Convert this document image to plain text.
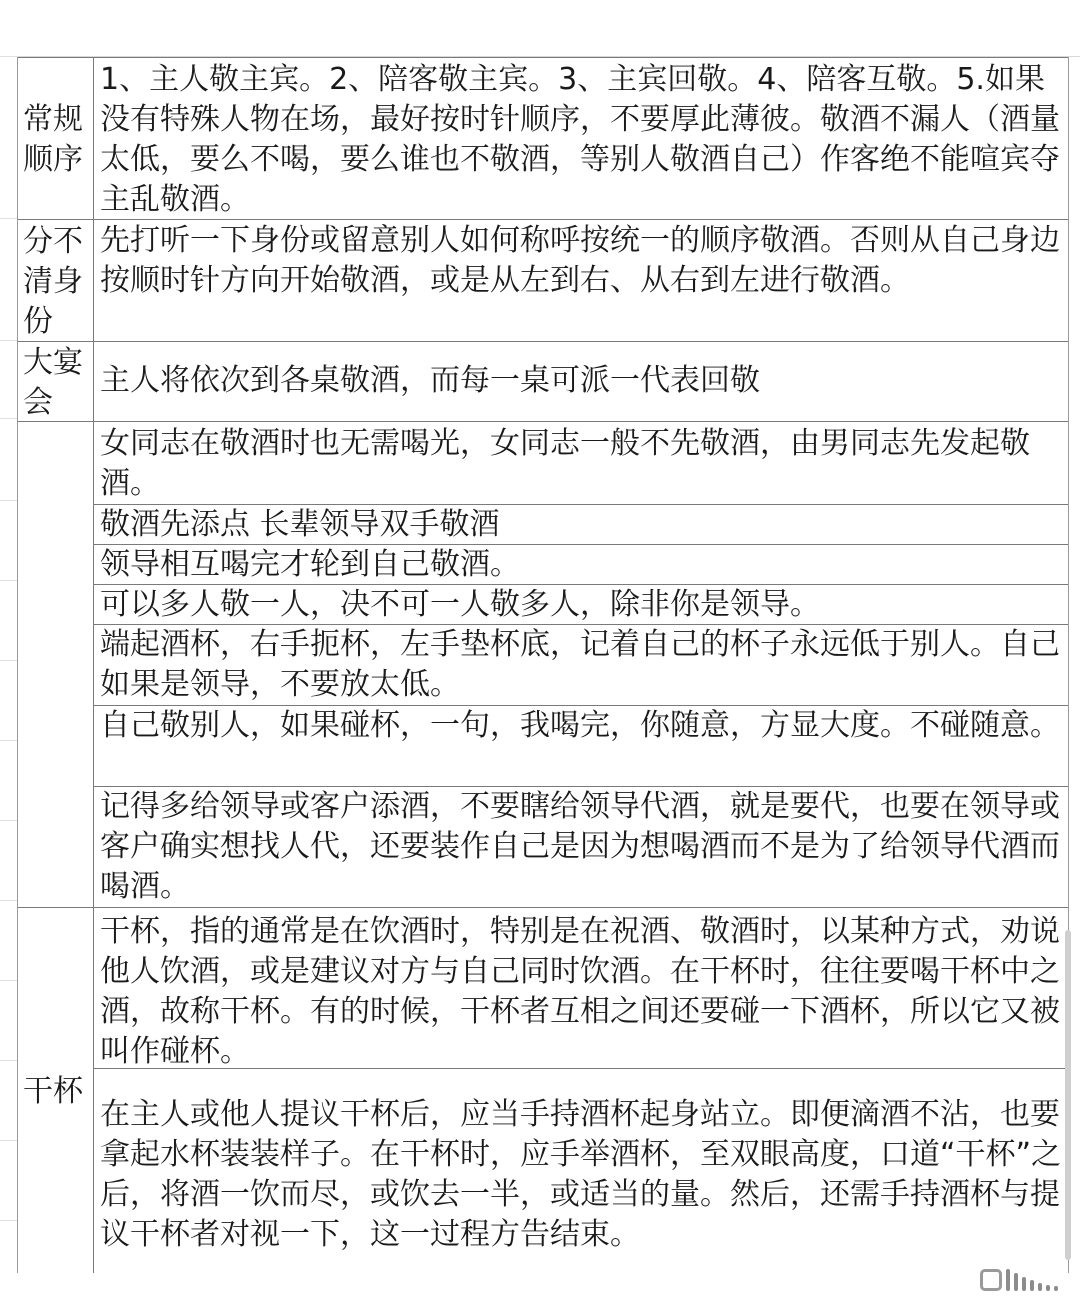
常规顺序
1、主人敬主宾。2、陪客敬主宾。3、主宾回敬。4、陪客互敬。5.如果没有特殊人物在场，最好按时针顺序，不要厚此薄彼。敬酒不漏人（酒量太低，要么不喝，要么谁也不敬酒，等别人敬酒自己）作客绝不能喧宾夺主乱敬酒。
分不清身份
先打听一下身份或留意别人如何称呼按统一的顺序敬酒。否则从自己身边按顺时针方向开始敬酒，或是从左到右、从右到左进行敬酒。
大宴会
主人将依次到各桌敬酒，而每一桌可派一代表回敬
女同志在敬酒时也无需喝光，女同志一般不先敬酒，由男同志先发起敬酒。
敬酒先添点 长辈领导双手敬酒
领导相互喝完才轮到自己敬酒。
可以多人敬一人，决不可一人敬多人，除非你是领导。
端起酒杯，右手扼杯，左手垫杯底，记着自己的杯子永远低于别人。自己如果是领导，不要放太低。
自己敬别人，如果碰杯，一句，我喝完，你随意，方显大度。不碰随意。
记得多给领导或客户添酒，不要瞎给领导代酒，就是要代，也要在领导或客户确实想找人代，还要装作自己是因为想喝酒而不是为了给领导代酒而喝酒。
干杯
干杯，指的通常是在饮酒时，特别是在祝酒、敬酒时，以某种方式，劝说他人饮酒，或是建议对方与自己同时饮酒。在干杯时，往往要喝干杯中之酒，故称干杯。有的时候，干杯者互相之间还要碰一下酒杯，所以它又被叫作碰杯。
在主人或他人提议干杯后，应当手持酒杯起身站立。即便滴酒不沾，也要拿起水杯装装样子。在干杯时，应手举酒杯，至双眼高度，口道“干杯”之后，将酒一饮而尽，或饮去一半，或适当的量。然后，还需手持酒杯与提议干杯者对视一下，这一过程方告结束。
